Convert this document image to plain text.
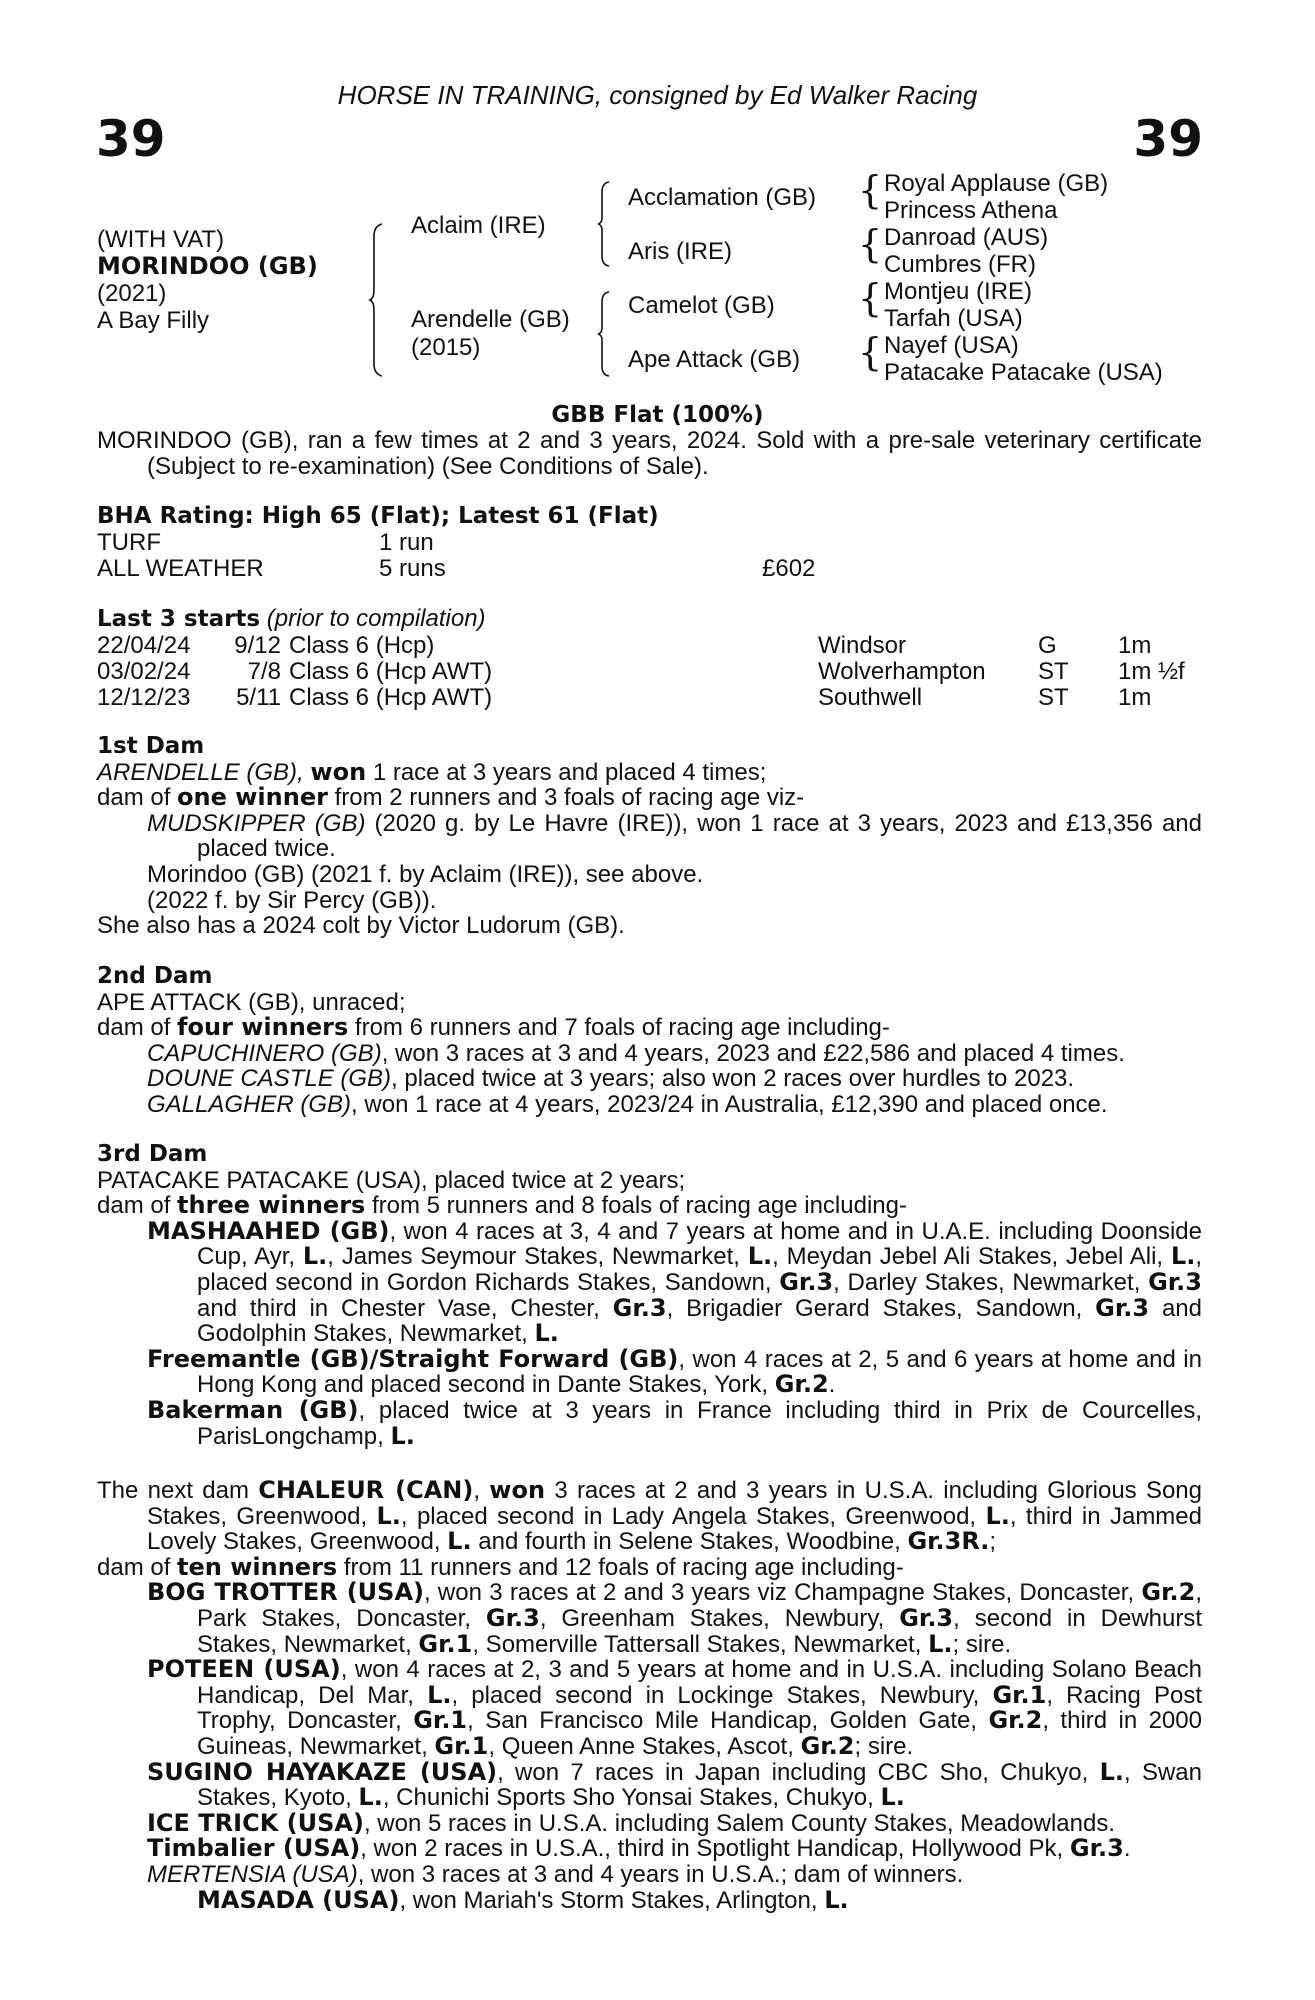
HORSE IN TRAINING, consigned by Ed Walker Racing
39	39
(WITH VAT)
MORINDOO (GB)
(2021)
A Bay Filly
Aclaim (IRE)
Arendelle (GB)
(2015)
Acclamation (GB)
Aris (IRE)
Camelot (GB)
Ape Attack (GB)
{
{
{
{
Royal Applause (GB)
Princess Athena
Danroad (AUS)
Cumbres (FR)
Montjeu (IRE)
Tarfah (USA)
Nayef (USA)
Patacake Patacake (USA)
GBB Flat (100%)

MORINDOO (GB), ran a few times at 2 and 3 years, 2024. Sold with a pre-sale veterinary certificate (Subject to re-examination) (See Conditions of Sale).

BHA Rating: High 65 (Flat); Latest 61 (Flat)
TURF	1 run
ALL WEATHER	5 runs	£602
Last 3 starts (prior to compilation)
22/04/24	9/12 Class 6 (Hcp)	Windsor	G	1m
03/02/24	7/8 Class 6 (Hcp AWT)	Wolverhampton ST 1m ½f
12/12/23	5/11 Class 6 (Hcp AWT)	Southwell	ST 1m
1st Dam

ARENDELLE (GB), won 1 race at 3 years and placed 4 times;

dam of one winner from 2 runners and 3 foals of racing age viz-

MUDSKIPPER (GB) (2020 g. by Le Havre (IRE)), won 1 race at 3 years, 2023 and £13,356 and placed twice.

Morindoo (GB) (2021 f. by Aclaim (IRE)), see above.

(2022 f. by Sir Percy (GB)).

She also has a 2024 colt by Victor Ludorum (GB).

2nd Dam

APE ATTACK (GB), unraced;

dam of four winners from 6 runners and 7 foals of racing age including-

CAPUCHINERO (GB), won 3 races at 3 and 4 years, 2023 and £22,586 and placed 4 times.

DOUNE CASTLE (GB), placed twice at 3 years; also won 2 races over hurdles to 2023.

GALLAGHER (GB), won 1 race at 4 years, 2023/24 in Australia, £12,390 and placed once.

3rd Dam

PATACAKE PATACAKE (USA), placed twice at 2 years;

dam of three winners from 5 runners and 8 foals of racing age including-

MASHAAHED (GB), won 4 races at 3, 4 and 7 years at home and in U.A.E. including Doonside Cup, Ayr, L., James Seymour Stakes, Newmarket, L., Meydan Jebel Ali Stakes, Jebel Ali, L., placed second in Gordon Richards Stakes, Sandown, Gr.3, Darley Stakes, Newmarket, Gr.3 and third in Chester Vase, Chester, Gr.3, Brigadier Gerard Stakes, Sandown, Gr.3 and Godolphin Stakes, Newmarket, L.

Freemantle (GB)/Straight Forward (GB), won 4 races at 2, 5 and 6 years at home and in Hong Kong and placed second in Dante Stakes, York, Gr.2.

Bakerman (GB), placed twice at 3 years in France including third in Prix de Courcelles, ParisLongchamp, L.

The next dam CHALEUR (CAN), won 3 races at 2 and 3 years in U.S.A. including Glorious Song Stakes, Greenwood, L., placed second in Lady Angela Stakes, Greenwood, L., third in Jammed Lovely Stakes, Greenwood, L. and fourth in Selene Stakes, Woodbine, Gr.3R.;

dam of ten winners from 11 runners and 12 foals of racing age including-

BOG TROTTER (USA), won 3 races at 2 and 3 years viz Champagne Stakes, Doncaster, Gr.2, Park Stakes, Doncaster, Gr.3, Greenham Stakes, Newbury, Gr.3, second in Dewhurst Stakes, Newmarket, Gr.1, Somerville Tattersall Stakes, Newmarket, L.; sire.

POTEEN (USA), won 4 races at 2, 3 and 5 years at home and in U.S.A. including Solano Beach Handicap, Del Mar, L., placed second in Lockinge Stakes, Newbury, Gr.1, Racing Post Trophy, Doncaster, Gr.1, San Francisco Mile Handicap, Golden Gate, Gr.2, third in 2000 Guineas, Newmarket, Gr.1, Queen Anne Stakes, Ascot, Gr.2; sire.

SUGINO HAYAKAZE (USA), won 7 races in Japan including CBC Sho, Chukyo, L., Swan Stakes, Kyoto, L., Chunichi Sports Sho Yonsai Stakes, Chukyo, L.

ICE TRICK (USA), won 5 races in U.S.A. including Salem County Stakes, Meadowlands.

Timbalier (USA), won 2 races in U.S.A., third in Spotlight Handicap, Hollywood Pk, Gr.3.

MERTENSIA (USA), won 3 races at 3 and 4 years in U.S.A.; dam of winners.

MASADA (USA), won Mariah's Storm Stakes, Arlington, L.
